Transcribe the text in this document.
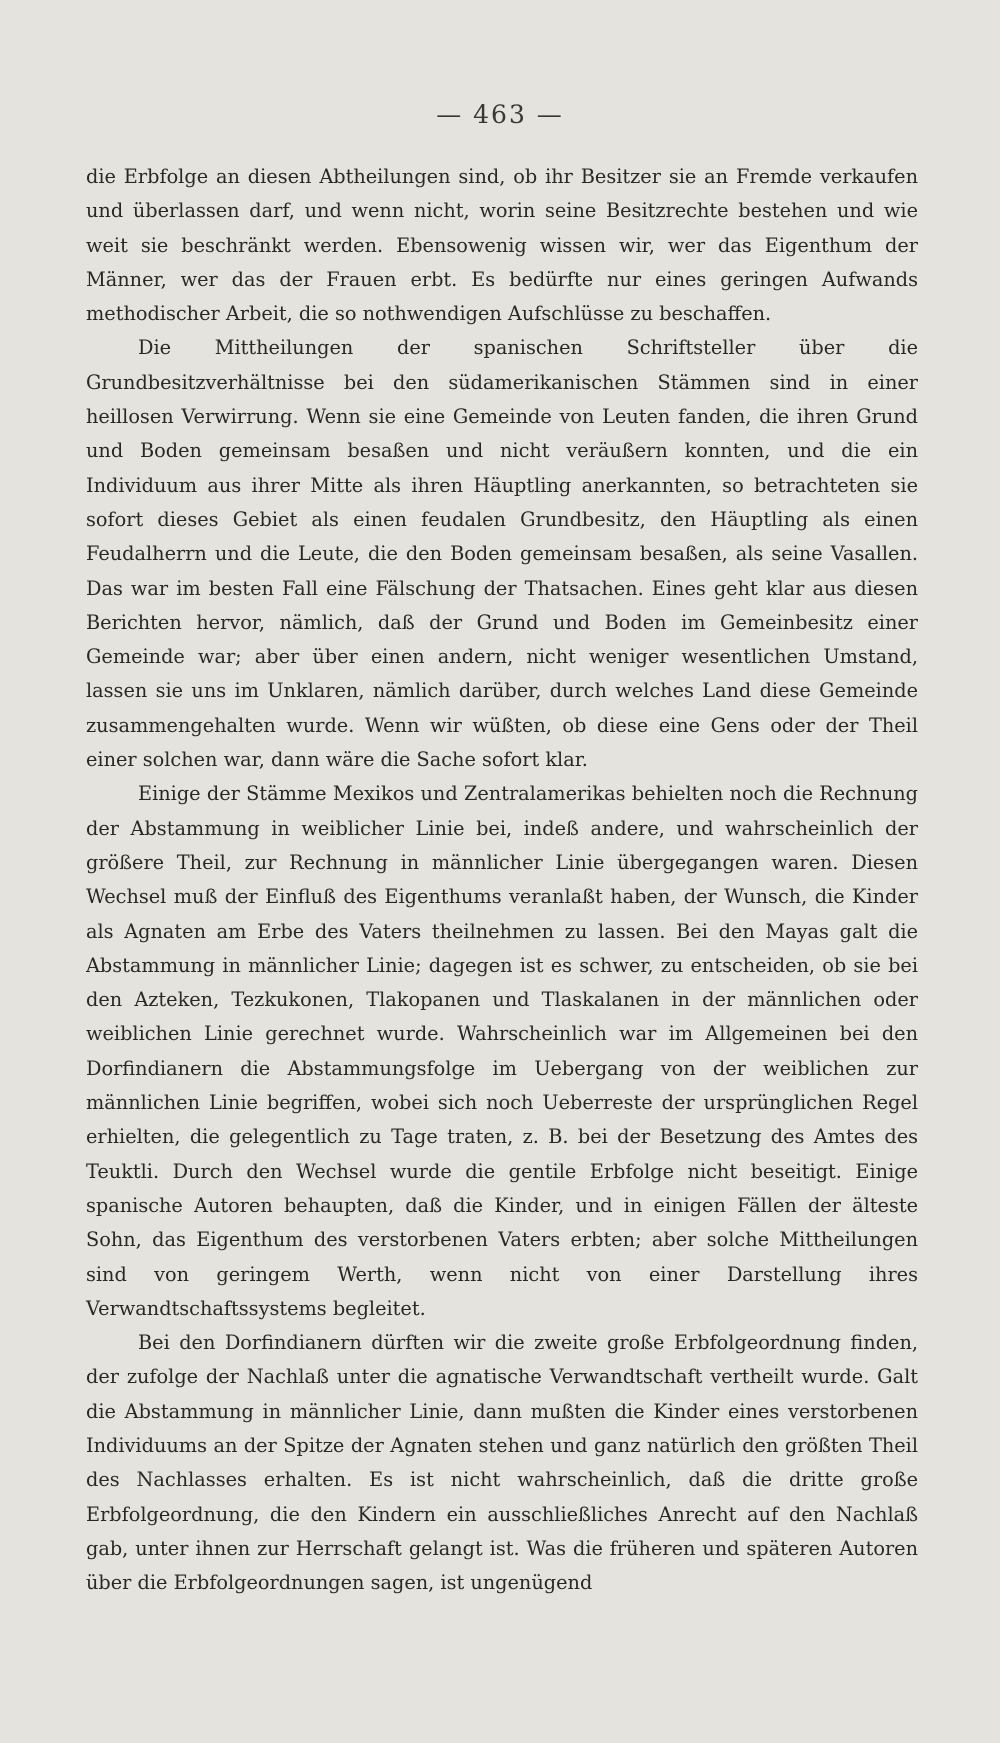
— 463 —

die Erbfolge an diesen Abtheilungen sind, ob ihr Besitzer sie an Fremde verkaufen und überlassen darf, und wenn nicht, worin seine Besitzrechte bestehen und wie weit sie beschränkt werden. Ebensowenig wissen wir, wer das Eigenthum der Männer, wer das der Frauen erbt. Es bedürfte nur eines geringen Aufwands methodischer Arbeit, die so nothwendigen Aufschlüsse zu beschaffen.

Die Mittheilungen der spanischen Schriftsteller über die Grundbesitzverhältnisse bei den südamerikanischen Stämmen sind in einer heillosen Verwirrung. Wenn sie eine Gemeinde von Leuten fanden, die ihren Grund und Boden gemeinsam besaßen und nicht veräußern konnten, und die ein Individuum aus ihrer Mitte als ihren Häuptling anerkannten, so betrachteten sie sofort dieses Gebiet als einen feudalen Grundbesitz, den Häuptling als einen Feudalherrn und die Leute, die den Boden gemeinsam besaßen, als seine Vasallen. Das war im besten Fall eine Fälschung der Thatsachen. Eines geht klar aus diesen Berichten hervor, nämlich, daß der Grund und Boden im Gemeinbesitz einer Gemeinde war; aber über einen andern, nicht weniger wesentlichen Umstand, lassen sie uns im Unklaren, nämlich darüber, durch welches Land diese Gemeinde zusammengehalten wurde. Wenn wir wüßten, ob diese eine Gens oder der Theil einer solchen war, dann wäre die Sache sofort klar.

Einige der Stämme Mexikos und Zentralamerikas behielten noch die Rechnung der Abstammung in weiblicher Linie bei, indeß andere, und wahrscheinlich der größere Theil, zur Rechnung in männlicher Linie übergegangen waren. Diesen Wechsel muß der Einfluß des Eigenthums veranlaßt haben, der Wunsch, die Kinder als Agnaten am Erbe des Vaters theilnehmen zu lassen. Bei den Mayas galt die Abstammung in männlicher Linie; dagegen ist es schwer, zu entscheiden, ob sie bei den Azteken, Tezkukonen, Tlakopanen und Tlaskalanen in der männlichen oder weiblichen Linie gerechnet wurde. Wahrscheinlich war im Allgemeinen bei den Dorfindianern die Abstammungsfolge im Uebergang von der weiblichen zur männlichen Linie begriffen, wobei sich noch Ueberreste der ursprünglichen Regel erhielten, die gelegentlich zu Tage traten, z. B. bei der Besetzung des Amtes des Teuktli. Durch den Wechsel wurde die gentile Erbfolge nicht beseitigt. Einige spanische Autoren behaupten, daß die Kinder, und in einigen Fällen der älteste Sohn, das Eigenthum des verstorbenen Vaters erbten; aber solche Mittheilungen sind von geringem Werth, wenn nicht von einer Darstellung ihres Verwandtschaftssystems begleitet.

Bei den Dorfindianern dürften wir die zweite große Erbfolgeordnung finden, der zufolge der Nachlaß unter die agnatische Verwandtschaft vertheilt wurde. Galt die Abstammung in männlicher Linie, dann mußten die Kinder eines verstorbenen Individuums an der Spitze der Agnaten stehen und ganz natürlich den größten Theil des Nachlasses erhalten. Es ist nicht wahrscheinlich, daß die dritte große Erbfolgeordnung, die den Kindern ein ausschließliches Anrecht auf den Nachlaß gab, unter ihnen zur Herrschaft gelangt ist. Was die früheren und späteren Autoren über die Erbfolgeordnungen sagen, ist ungenügend
